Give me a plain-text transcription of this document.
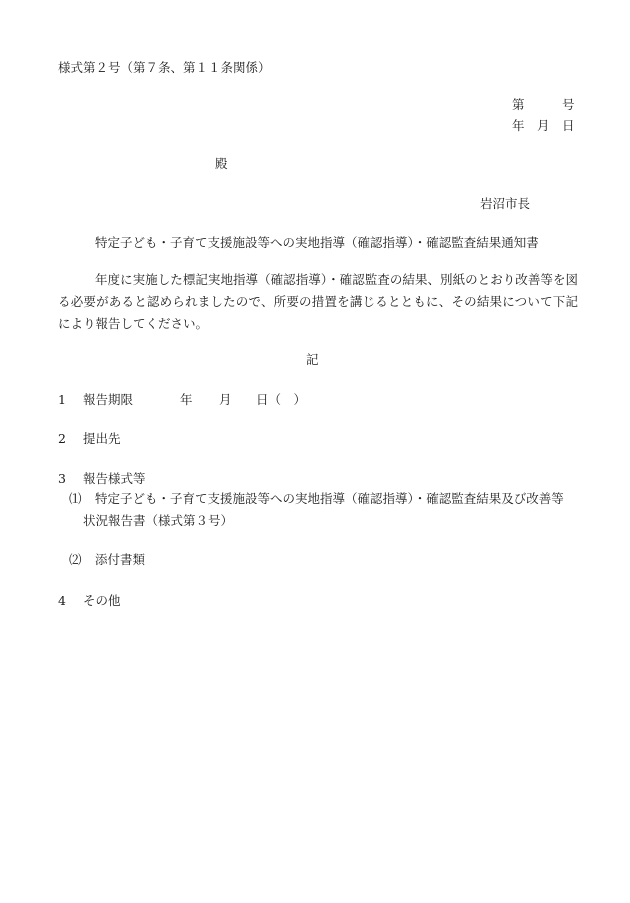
様式第２号（第７条、第１１条関係）
第	号
年 月 日
殿
岩沼市長
特定子ども・子育て支援施設等への実地指導（確認指導）・確認監査結果通知書
年度に実施した標記実地指導（確認指導）・確認監査の結果、別紙のとおり改善等を図る必要があると認められましたので、所要の措置を講じるとともに、その結果について下記により報告してください。
記
1 報告期限	年 月 日（　）
2 提出先
3 報告様式等
⑴ 特定子ども・子育て支援施設等への実地指導（確認指導）・確認監査結果及び改善等
状況報告書（様式第３号）
⑵ 添付書類
4 その他
